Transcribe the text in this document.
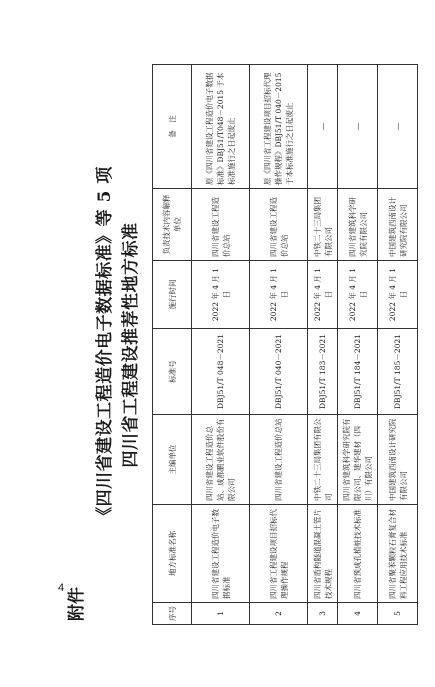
4 附件
《四川省建设工程造价电子数据标准》等 5 项 四川省工程建设推荐性地方标准
序号	地方标准名称	主编单位	标准号	施行时间	负责技术内容解释单位	备　注
1	四川省建设工程造价电子数据标准	四川省建设工程造价总站、成都鹏业软件股份有限公司	DBJ51/T 048－2021	2022 年 4 月 1 日	四川省建设工程造价总站	原《四川省建设工程造价电子数据标准》DBJ51/T048－2015 于本标准施行之日起废止
2	四川省工程建设项目招标代理操作规程	四川省建设工程造价总站	DBJ51/T 040－2021	2022 年 4 月 1 日	四川省建设工程造价总站	原《四川省工程建设项目招标代理操作规程》DBJ51/T 040－2015 于本标准施行之日起废止
3	四川省盾构隧道混凝土管片技术规程	中铁二十三局集团有限公司	DBJ51/T 183－2021	2022 年 4 月 1 日	中铁二十三局集团有限公司	—
4	四川省预成孔植桩技术标准	四川省建筑科学研究院有限公司、建华建材（四川）有限公司	DBJ51/T 184－2021	2022 年 4 月 1 日	四川省建筑科学研究院有限公司	—
5	四川省聚苯颗粒石膏复合材料工程应用技术标准	中国建筑西南设计研究院有限公司	DBJ51/T 185－2021	2022 年 4 月 1 日	中国建筑西南设计研究院有限公司	—
